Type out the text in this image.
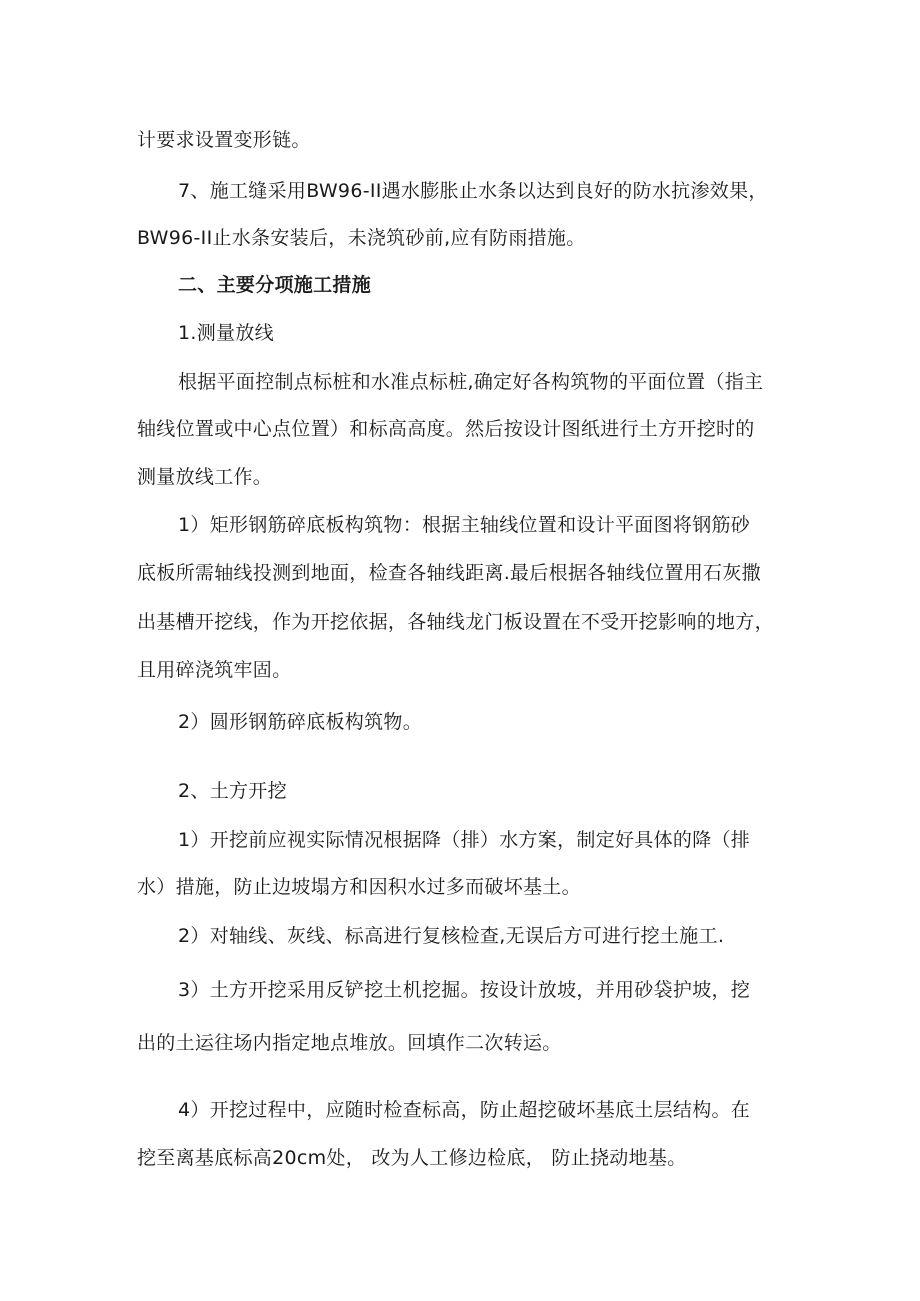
计要求设置变形链。
7、施工缝采用BW96-II遇水膨胀止水条以达到良好的防水抗渗效果，
BW96-II止水条安装后，未浇筑砂前,应有防雨措施。
二、主要分项施工措施
1.测量放线
根据平面控制点标桩和水准点标桩,确定好各构筑物的平面位置（指主
轴线位置或中心点位置）和标高高度。然后按设计图纸进行土方开挖时的
测量放线工作。
1）矩形钢筋碎底板构筑物：根据主轴线位置和设计平面图将钢筋砂
底板所需轴线投测到地面，检查各轴线距离.最后根据各轴线位置用石灰撒
出基槽开挖线，作为开挖依据，各轴线龙门板设置在不受开挖影响的地方，
且用碎浇筑牢固。
2）圆形钢筋碎底板构筑物。
2、土方开挖
1）开挖前应视实际情况根据降（排）水方案，制定好具体的降（排
水）措施，防止边坡塌方和因积水过多而破坏基土。
2）对轴线、灰线、标高进行复核检查,无误后方可进行挖土施工.
3）土方开挖采用反铲挖土机挖掘。按设计放坡，并用砂袋护坡，挖
出的土运往场内指定地点堆放。回填作二次转运。
4）开挖过程中，应随时检查标高，防止超挖破坏基底土层结构。在
挖至离基底标高20cm处， 改为人工修边检底， 防止挠动地基。
